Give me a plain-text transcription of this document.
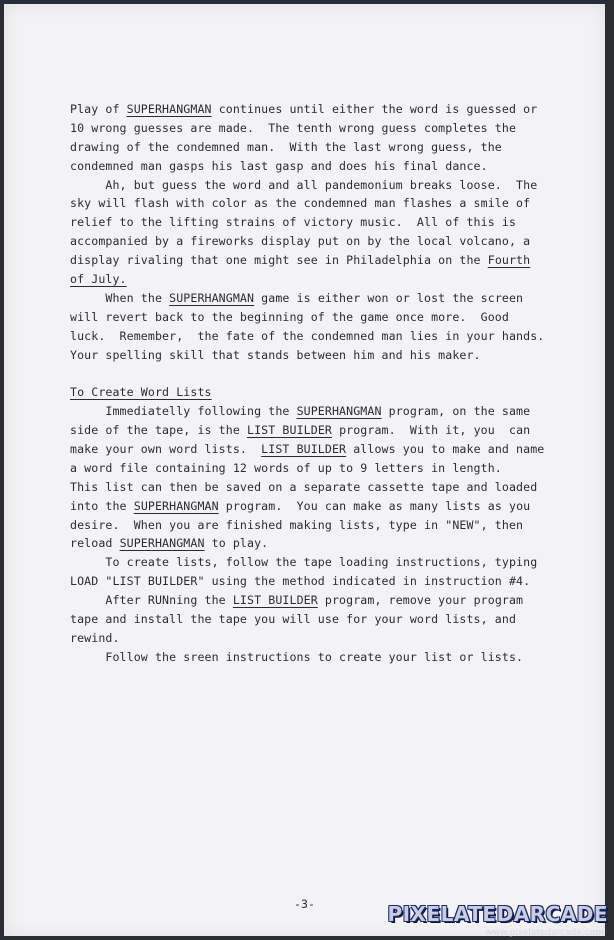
Play of SUPERHANGMAN continues until either the word is guessed or
10 wrong guesses are made.  The tenth wrong guess completes the
drawing of the condemned man.  With the last wrong guess, the
condemned man gasps his last gasp and does his final dance.
Ah, but guess the word and all pandemonium breaks loose.  The
sky will flash with color as the condemned man flashes a smile of
relief to the lifting strains of victory music.  All of this is
accompanied by a fireworks display put on by the local volcano, a
display rivaling that one might see in Philadelphia on the Fourth
of July.
When the SUPERHANGMAN game is either won or lost the screen
will revert back to the beginning of the game once more.  Good
luck.  Remember,  the fate of the condemned man lies in your hands.
Your spelling skill that stands between him and his maker.
To Create Word Lists
Immediatelly following the SUPERHANGMAN program, on the same
side of the tape, is the LIST BUILDER program.  With it, you  can
make your own word lists.  LIST BUILDER allows you to make and name
a word file containing 12 words of up to 9 letters in length.
This list can then be saved on a separate cassette tape and loaded
into the SUPERHANGMAN program.  You can make as many lists as you
desire.  When you are finished making lists, type in "NEW", then
reload SUPERHANGMAN to play.
To create lists, follow the tape loading instructions, typing
LOAD "LIST BUILDER" using the method indicated in instruction #4.
After RUNning the LIST BUILDER program, remove your program
tape and install the tape you will use for your word lists, and
rewind.
Follow the sreen instructions to create your list or lists.
-3-	PIXELATEDARCADE
www.pixelatedarcade.com
